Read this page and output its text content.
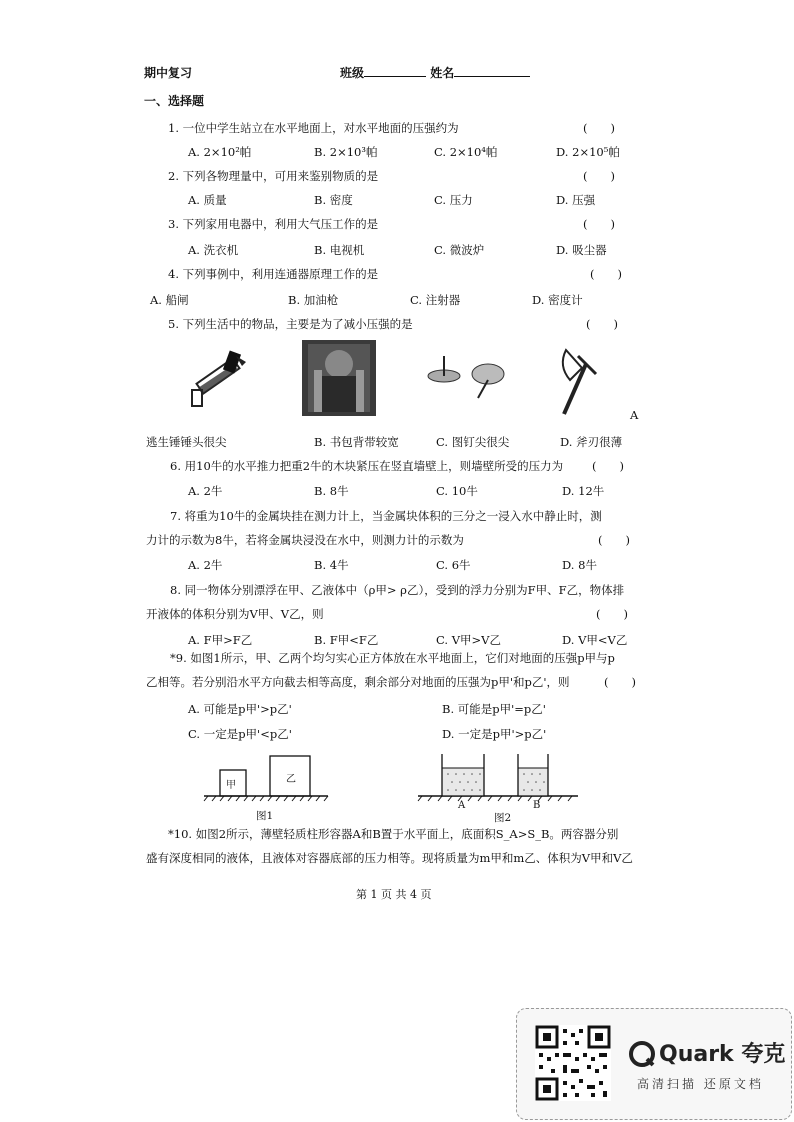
期中复习	班级	姓名
一、选择题
1. 一位中学生站立在水平地面上，对水平地面的压强约为	(　　)
A. 2×10²帕	B. 2×10³帕	C. 2×10⁴帕	D. 2×10⁵帕
2. 下列各物理量中，可用来鉴别物质的是	(　　)
A. 质量	B. 密度	C. 压力	D. 压强
3. 下列家用电器中，利用大气压工作的是	(　　)
A. 洗衣机	B. 电视机	C. 微波炉	D. 吸尘器
4. 下列事例中，利用连通器原理工作的是	(　　)
A. 船闸	B. 加油枪	C. 注射器	D. 密度计
5. 下列生活中的物品，主要是为了减小压强的是	(　　)
A
逃生锤锤头很尖	B. 书包背带较宽	C. 图钉尖很尖	D. 斧刃很薄
6. 用10牛的水平推力把重2牛的木块紧压在竖直墙壁上，则墙壁所受的压力为	(　　)
A. 2牛	B. 8牛	C. 10牛	D. 12牛
7. 将重为10牛的金属块挂在测力计上，当金属块体积的三分之一浸入水中静止时，测
力计的示数为8牛，若将金属块浸没在水中，则测力计的示数为	(　　)
A. 2牛	B. 4牛	C. 6牛	D. 8牛
8. 同一物体分别漂浮在甲、乙液体中（ρ甲> ρ乙），受到的浮力分别为F甲、F乙，物体排
开液体的体积分别为V甲、V乙，则	(　　)
A. F甲>F乙	B. F甲<F乙	C. V甲>V乙	D. V甲<V乙
*9. 如图1所示，甲、乙两个均匀实心正方体放在水平地面上，它们对地面的压强p甲与p
乙相等。若分别沿水平方向截去相等高度，剩余部分对地面的压强为p甲'和p乙'，则	(　　)
A. 可能是p甲'>p乙'	B. 可能是p甲'=p乙'
C. 一定是p甲'<p乙'	D. 一定是p甲'>p乙'
甲
乙
图1
A	B
图2
*10. 如图2所示，薄壁轻质柱形容器A和B置于水平面上，底面积S_A>S_B。两容器分别
盛有深度相同的液体，且液体对容器底部的压力相等。现将质量为m甲和m乙、体积为V甲和V乙
第 1 页 共 4 页
Quark 夸克
高清扫描 还原文档
